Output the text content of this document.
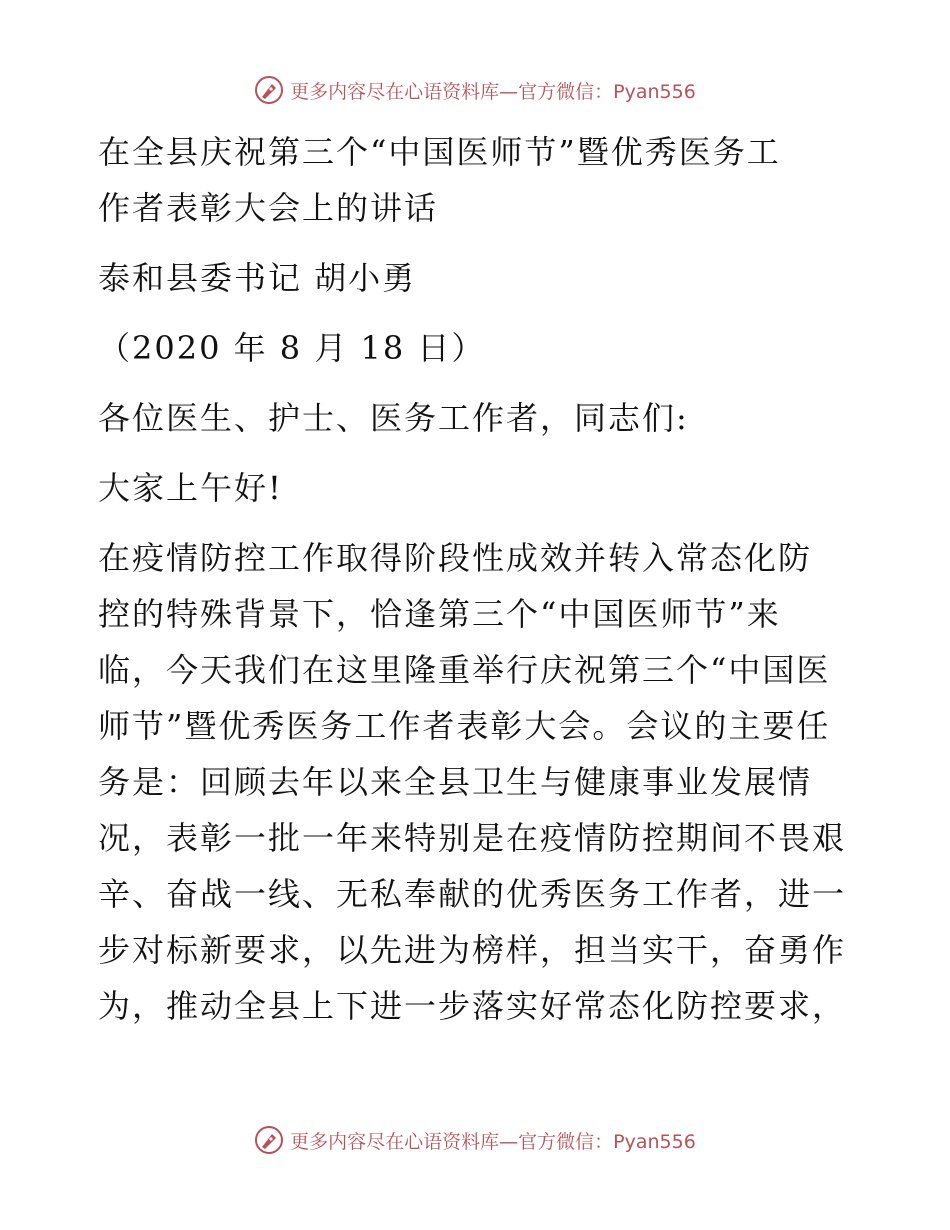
更多内容尽在心语资料库—官方微信：Pyan556
在全县庆祝第三个“中国医师节”暨优秀医务工
作者表彰大会上的讲话
泰和县委书记 胡小勇
（2020 年 8 月 18 日）
各位医生、护士、医务工作者，同志们:
大家上午好!
在疫情防控工作取得阶段性成效并转入常态化防
控的特殊背景下，恰逢第三个“中国医师节”来
临，今天我们在这里隆重举行庆祝第三个“中国医
师节”暨优秀医务工作者表彰大会。会议的主要任
务是：回顾去年以来全县卫生与健康事业发展情
况，表彰一批一年来特别是在疫情防控期间不畏艰
辛、奋战一线、无私奉献的优秀医务工作者，进一
步对标新要求，以先进为榜样，担当实干，奋勇作
为，推动全县上下进一步落实好常态化防控要求，
更多内容尽在心语资料库—官方微信：Pyan556
